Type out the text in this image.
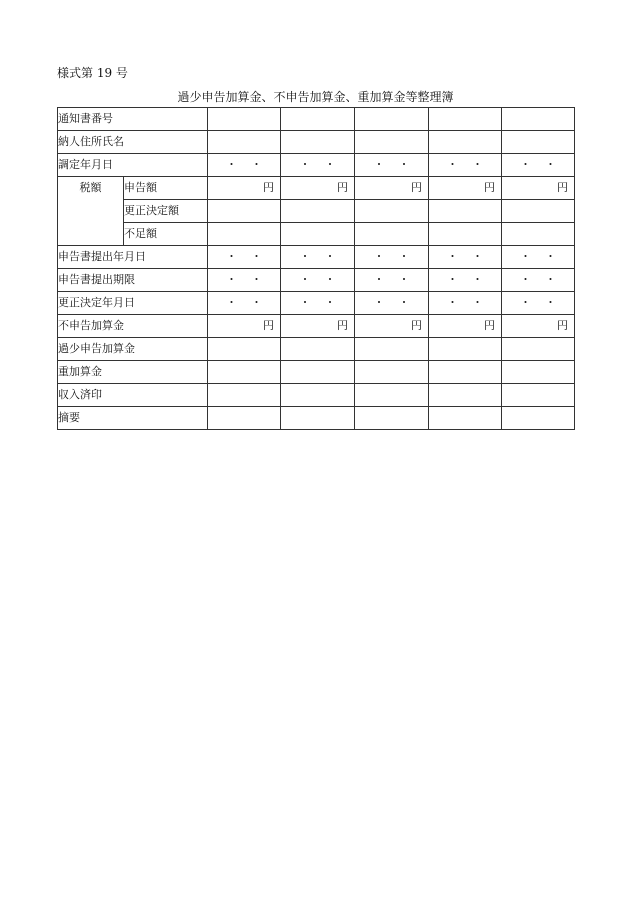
様式第 19 号
過少申告加算金、不申告加算金、重加算金等整理簿
通知書番号						
納人住所氏名						
調定年月日		・・	・・	・・	・・	・・
税額	申告額	円	円	円	円	円
	更正決定額					
	不足額					
申告書提出年月日		・・	・・	・・	・・	・・
申告書提出期限		・・	・・	・・	・・	・・
更正決定年月日		・・	・・	・・	・・	・・
不申告加算金		円	円	円	円	円
過少申告加算金						
重加算金						
収入済印						
摘要						
